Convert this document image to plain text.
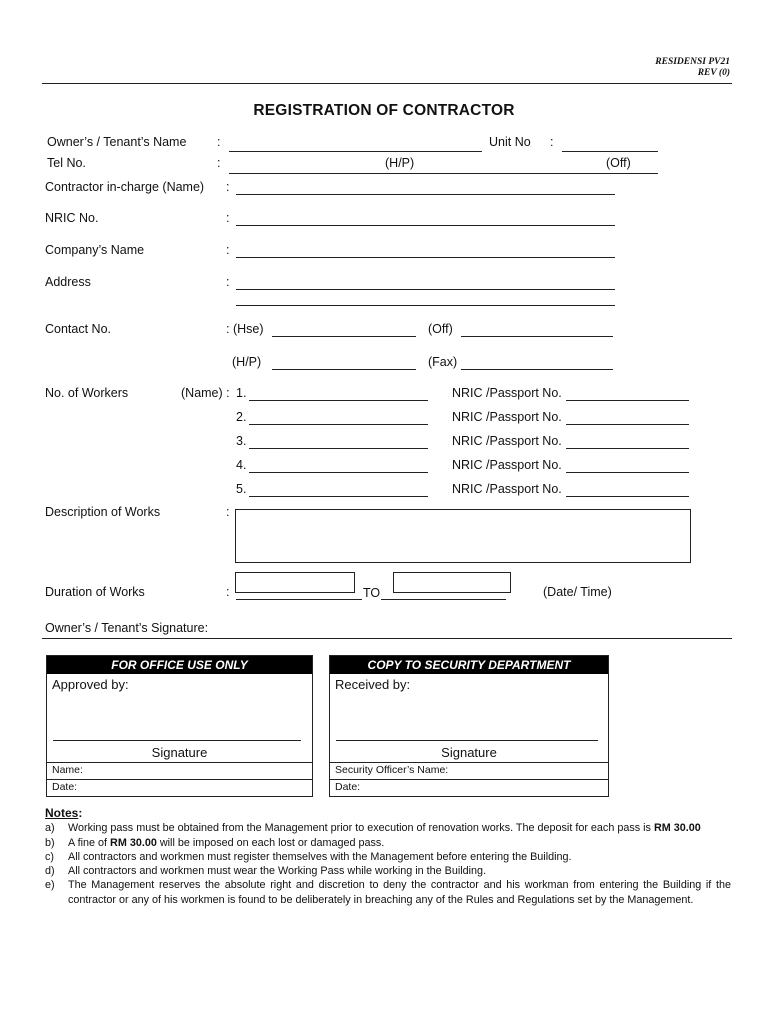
RESIDENSI PV21
REV (0)
REGISTRATION OF CONTRACTOR
Owner’s / Tenant’s Name :	Unit No :
Tel No.	:	(H/P)	(Off)
Contractor in-charge (Name) :
NRIC No.	:
Company’s Name	:
Address	:
Contact No.	: (Hse)	(Off)
(H/P)	(Fax)
No. of Workers	(Name) : 1.	NRIC /Passport No.
2.	NRIC /Passport No.
3.	NRIC /Passport No.
4.	NRIC /Passport No.
5.	NRIC /Passport No.
Description of Works	:
Duration of Works	:	TO	(Date/ Time)
Owner’s / Tenant’s Signature:
FOR OFFICE USE ONLY
Approved by:
Signature
Name:
Date:
COPY TO SECURITY DEPARTMENT
Received by:
Signature
Security Officer’s Name:
Date:
Notes:
a) Working pass must be obtained from the Management prior to execution of renovation works. The deposit for each pass is RM 30.00
b) A fine of RM 30.00 will be imposed on each lost or damaged pass.
c) All contractors and workmen must register themselves with the Management before entering the Building.
d) All contractors and workmen must wear the Working Pass while working in the Building.
e) The Management reserves the absolute right and discretion to deny the contractor and his workman from entering the Building if the contractor or any of his workmen is found to be deliberately in breaching any of the Rules and Regulations set by the Management.
